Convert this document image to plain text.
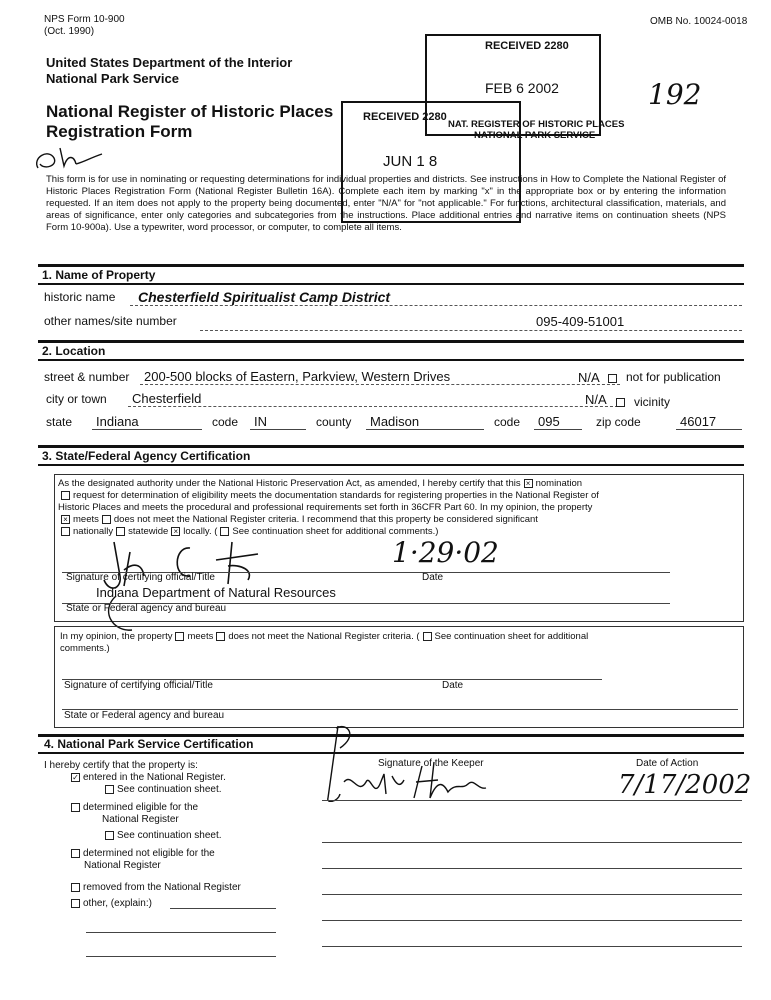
NPS Form 10-900
(Oct. 1990)
OMB No. 10024-0018
United States Department of the Interior
National Park Service
National Register of Historic Places
Registration Form
192
This form is for use in nominating or requesting determinations for individual properties and districts. See instructions in How to Complete the National Register of Historic Places Registration Form (National Register Bulletin 16A). Complete each item by marking "x" in the appropriate box or by entering the information requested. If an item does not apply to the property being documented, enter "N/A" for "not applicable." For functions, architectural classification, materials, and areas of significance, enter only categories and subcategories from the instructions. Place additional entries and narrative items on continuation sheets (NPS Form 10-900a). Use a typewriter, word processor, or computer, to complete all items.
RECEIVED 2280
FEB 6 2002
RECEIVED 2280
JUN 1 8
NAT. REGISTER OF HISTORIC PLACES
NATIONAL PARK SERVICE
1. Name of Property
historic name Chesterfield Spiritualist Camp District
other names/site number	095-409-51001
2. Location
street & number 200-500 blocks of Eastern, Parkview, Western Drives	N/A not for publication
city or town Chesterfield	N/A vicinity
state Indiana	code IN	county Madison	code 095	zip code	46017
3. State/Federal Agency Certification
As the designated authority under the National Historic Preservation Act, as amended, I hereby certify that this × nomination
request for determination of eligibility meets the documentation standards for registering properties in the National Register of
Historic Places and meets the procedural and professional requirements set forth in 36CFR Part 60. In my opinion, the property
× meets does not meet the National Register criteria. I recommend that this property be considered significant
nationally statewide × locally. ( See continuation sheet for additional comments.)
1·29·02
Signature of certifying official/Title	Date
Indiana Department of Natural Resources
State or Federal agency and bureau
In my opinion, the property meets does not meet the National Register criteria. ( See continuation sheet for additional
comments.)
Signature of certifying official/Title	Date
State or Federal agency and bureau
4. National Park Service Certification
I hereby certify that the property is:
✓ entered in the National Register.
See continuation sheet.
determined eligible for the
National Register
See continuation sheet.
determined not eligible for the
National Register
removed from the National Register
other, (explain:)
Signature of the Keeper	Date of Action
7/17/2002
